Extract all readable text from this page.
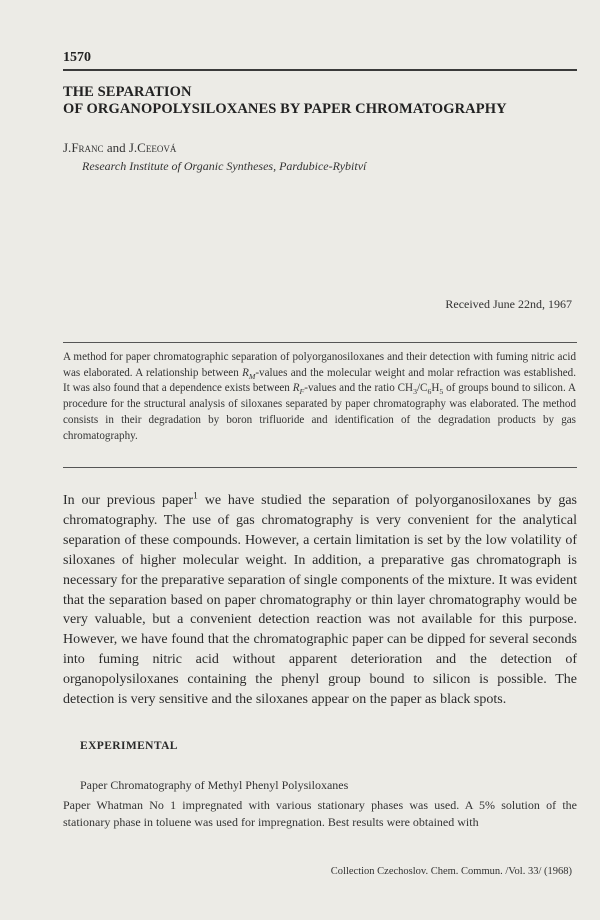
1570
THE SEPARATION
OF ORGANOPOLYSILOXANES BY PAPER CHROMATOGRAPHY
J.Franc and J.Ceeová
Research Institute of Organic Syntheses, Pardubice-Rybitví
Received June 22nd, 1967
A method for paper chromatographic separation of polyorganosiloxanes and their detection with fuming nitric acid was elaborated. A relationship between $R_M$-values and the molecular weight and molar refraction was established. It was also found that a dependence exists between $R_F$-values and the ratio $CH_3/C_6H_5$ of groups bound to silicon. A procedure for the structural analysis of siloxanes separated by paper chromatography was elaborated. The method consists in their degradation by boron trifluoride and identification of the degradation products by gas chromatography.
In our previous paper$^1$ we have studied the separation of polyorganosiloxanes by gas chromatography. The use of gas chromatography is very convenient for the analytical separation of these compounds. However, a certain limitation is set by the low volatility of siloxanes of higher molecular weight. In addition, a preparative gas chromatograph is necessary for the preparative separation of single components of the mixture. It was evident that the separation based on paper chromatography or thin layer chromatography would be very valuable, but a convenient detection reaction was not available for this purpose. However, we have found that the chromatographic paper can be dipped for several seconds into fuming nitric acid without apparent deterioration and the detection of organopolysiloxanes containing the phenyl group bound to silicon is possible. The detection is very sensitive and the siloxanes appear on the paper as black spots.
EXPERIMENTAL
Paper Chromatography of Methyl Phenyl Polysiloxanes
Paper Whatman No 1 impregnated with various stationary phases was used. A 5% solution of the stationary phase in toluene was used for impregnation. Best results were obtained with
Collection Czechoslov. Chem. Commun. /Vol. 33/ (1968)
